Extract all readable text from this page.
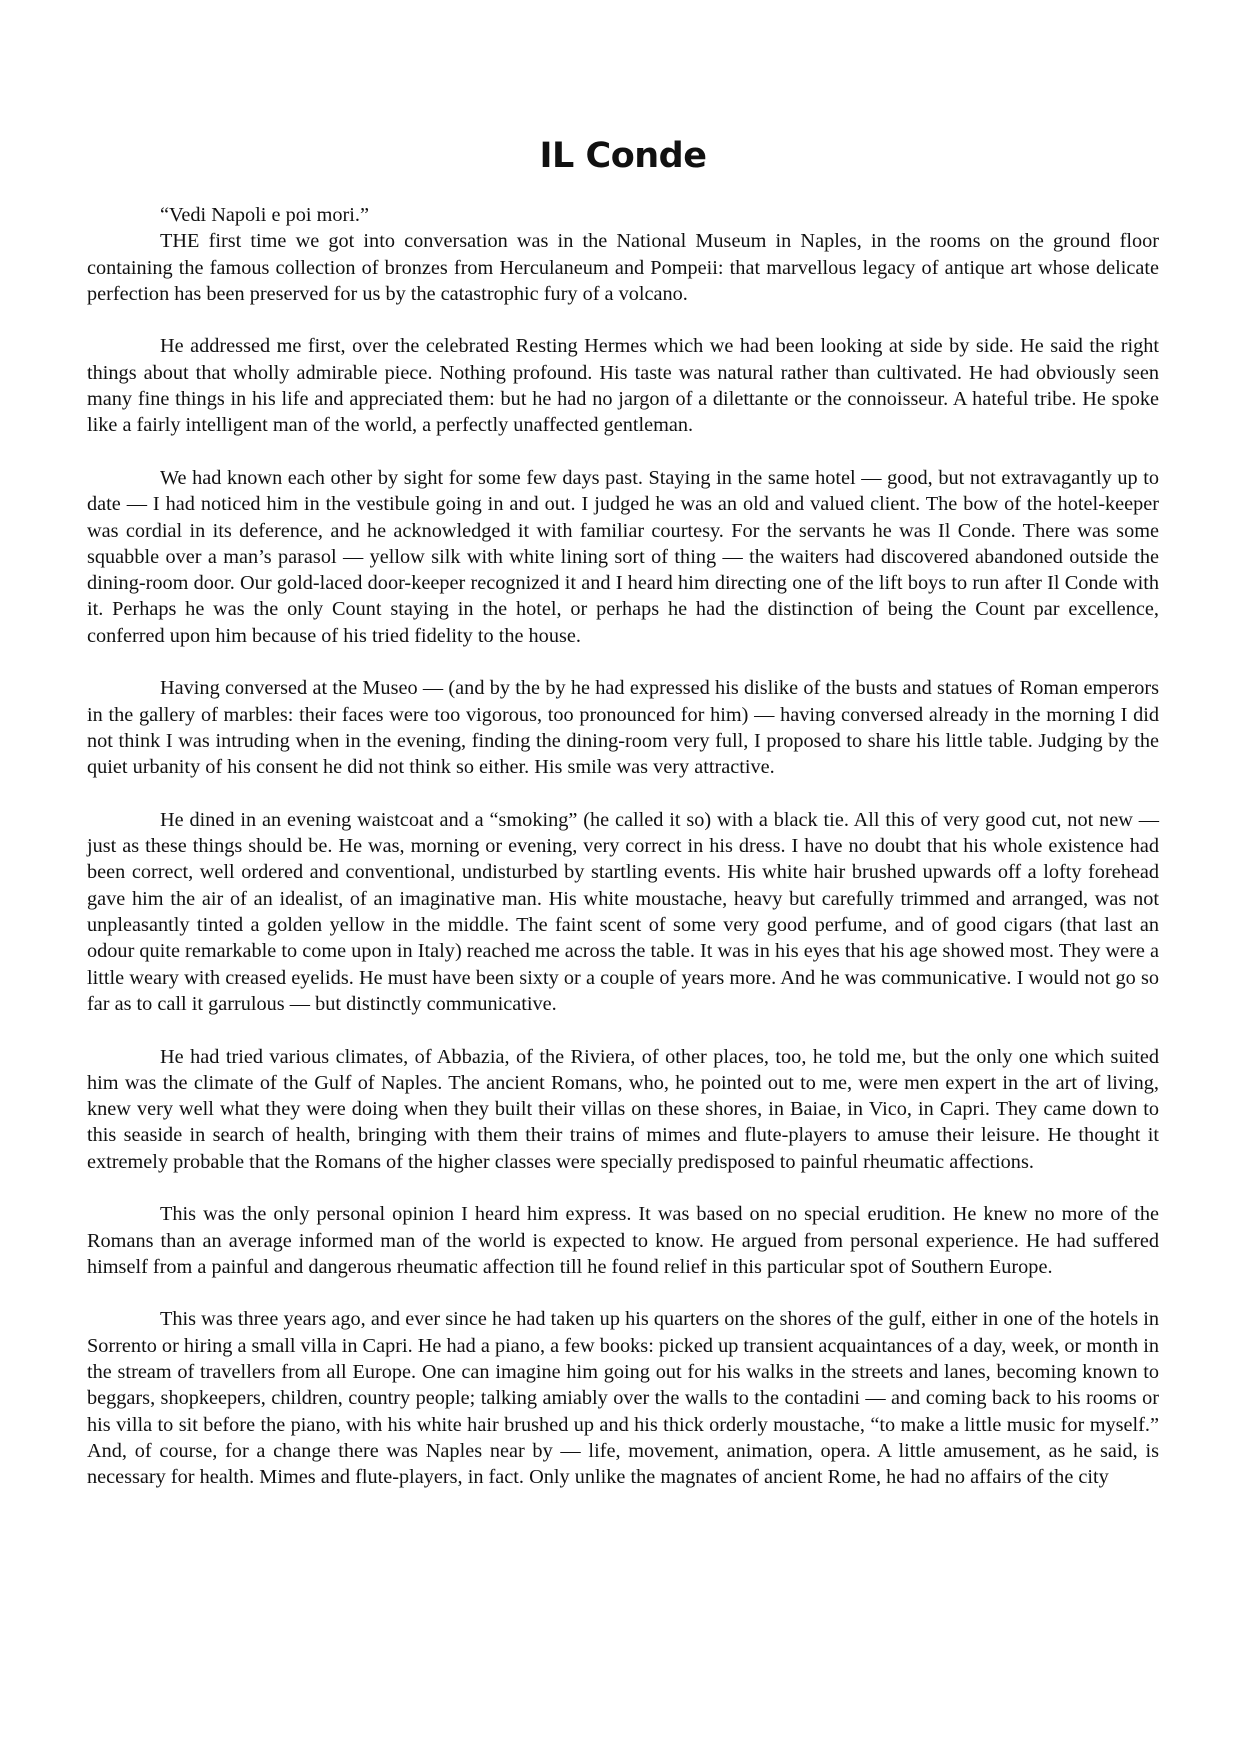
IL Conde

“Vedi Napoli e poi mori.”

THE first time we got into conversation was in the National Museum in Naples, in the rooms on the ground floor containing the famous collection of bronzes from Herculaneum and Pompeii: that marvellous legacy of antique art whose delicate perfection has been preserved for us by the catastrophic fury of a volcano.

He addressed me first, over the celebrated Resting Hermes which we had been looking at side by side. He said the right things about that wholly admirable piece. Nothing profound. His taste was natural rather than cultivated. He had obviously seen many fine things in his life and appreciated them: but he had no jargon of a dilettante or the connoisseur. A hateful tribe. He spoke like a fairly intelligent man of the world, a perfectly unaffected gentleman.

We had known each other by sight for some few days past. Staying in the same hotel — good, but not extravagantly up to date — I had noticed him in the vestibule going in and out. I judged he was an old and valued client. The bow of the hotel-keeper was cordial in its deference, and he acknowledged it with familiar courtesy. For the servants he was Il Conde. There was some squabble over a man’s parasol — yellow silk with white lining sort of thing — the waiters had discovered abandoned outside the dining-room door. Our gold-laced door-keeper recognized it and I heard him directing one of the lift boys to run after Il Conde with it. Perhaps he was the only Count staying in the hotel, or perhaps he had the distinction of being the Count par excellence, conferred upon him because of his tried fidelity to the house.

Having conversed at the Museo — (and by the by he had expressed his dislike of the busts and statues of Roman emperors in the gallery of marbles: their faces were too vigorous, too pronounced for him) — having conversed already in the morning I did not think I was intruding when in the evening, finding the dining-room very full, I proposed to share his little table. Judging by the quiet urbanity of his consent he did not think so either. His smile was very attractive.

He dined in an evening waistcoat and a “smoking” (he called it so) with a black tie. All this of very good cut, not new — just as these things should be. He was, morning or evening, very correct in his dress. I have no doubt that his whole existence had been correct, well ordered and conventional, undisturbed by startling events. His white hair brushed upwards off a lofty forehead gave him the air of an idealist, of an imaginative man. His white moustache, heavy but carefully trimmed and arranged, was not unpleasantly tinted a golden yellow in the middle. The faint scent of some very good perfume, and of good cigars (that last an odour quite remarkable to come upon in Italy) reached me across the table. It was in his eyes that his age showed most. They were a little weary with creased eyelids. He must have been sixty or a couple of years more. And he was communicative. I would not go so far as to call it garrulous — but distinctly communicative.

He had tried various climates, of Abbazia, of the Riviera, of other places, too, he told me, but the only one which suited him was the climate of the Gulf of Naples. The ancient Romans, who, he pointed out to me, were men expert in the art of living, knew very well what they were doing when they built their villas on these shores, in Baiae, in Vico, in Capri. They came down to this seaside in search of health, bringing with them their trains of mimes and flute-players to amuse their leisure. He thought it extremely probable that the Romans of the higher classes were specially predisposed to painful rheumatic affections.

This was the only personal opinion I heard him express. It was based on no special erudition. He knew no more of the Romans than an average informed man of the world is expected to know. He argued from personal experience. He had suffered himself from a painful and dangerous rheumatic affection till he found relief in this particular spot of Southern Europe.

This was three years ago, and ever since he had taken up his quarters on the shores of the gulf, either in one of the hotels in Sorrento or hiring a small villa in Capri. He had a piano, a few books: picked up transient acquaintances of a day, week, or month in the stream of travellers from all Europe. One can imagine him going out for his walks in the streets and lanes, becoming known to beggars, shopkeepers, children, country people; talking amiably over the walls to the contadini — and coming back to his rooms or his villa to sit before the piano, with his white hair brushed up and his thick orderly moustache, “to make a little music for myself.” And, of course, for a change there was Naples near by — life, movement, animation, opera. A little amusement, as he said, is necessary for health. Mimes and flute-players, in fact. Only unlike the magnates of ancient Rome, he had no affairs of the city
